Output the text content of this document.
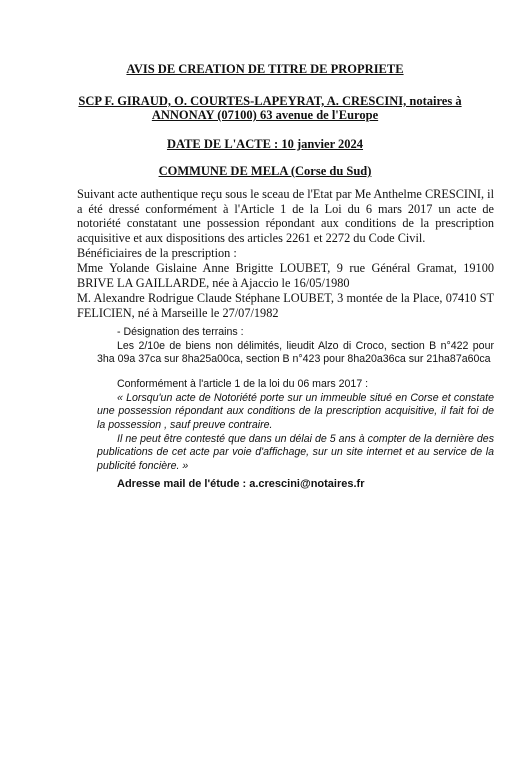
AVIS DE CREATION DE TITRE DE PROPRIETE
SCP F. GIRAUD, O. COURTES-LAPEYRAT, A. CRESCINI, notaires à
ANNONAY (07100) 63 avenue de l'Europe
DATE DE L'ACTE : 10 janvier 2024
COMMUNE DE MELA (Corse du Sud)
Suivant acte authentique reçu sous le sceau de l'Etat par Me Anthelme CRESCINI, il a été dressé conformément à l'Article 1 de la Loi du 6 mars 2017 un acte de notoriété constatant une possession répondant aux conditions de la prescription acquisitive et aux dispositions des articles 2261 et 2272 du Code Civil.
Bénéficiaires de la prescription :
Mme Yolande Gislaine Anne Brigitte LOUBET, 9 rue Général Gramat, 19100 BRIVE LA GAILLARDE, née à Ajaccio le 16/05/1980
M. Alexandre Rodrigue Claude Stéphane LOUBET, 3 montée de la Place, 07410 ST FELICIEN, né à Marseille le 27/07/1982
- Désignation des terrains :
Les 2/10e de biens non délimités, lieudit Alzo di Croco, section B n°422 pour 3ha 09a 37ca sur 8ha25a00ca, section B n°423 pour 8ha20a36ca sur 21ha87a60ca
Conformément à l'article 1 de la loi du 06 mars 2017 :
« Lorsqu'un acte de Notoriété porte sur un immeuble situé en Corse et constate une possession répondant aux conditions de la prescription acquisitive, il fait foi de la possession , sauf preuve contraire.
Il ne peut être contesté que dans un délai de 5 ans à compter de la dernière des publications de cet acte par voie d'affichage, sur un site internet et au service de la publicité foncière. »
Adresse mail de l'étude : a.crescini@notaires.fr
